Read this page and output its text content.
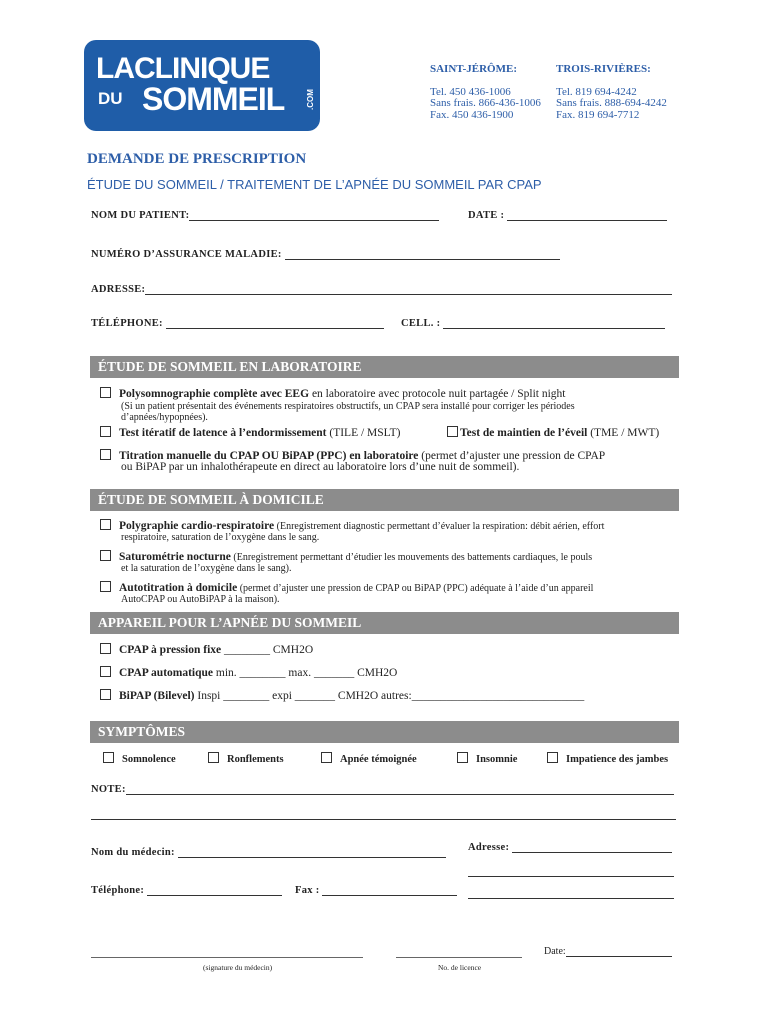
LACLINIQUE
DU SOMMEIL	.COM
SAINT-JÉRÔME:
Tel. 450 436-1006
Sans frais. 866-436-1006
Fax. 450 436-1900
TROIS-RIVIÈRES:
Tel. 819 694-4242
Sans frais. 888-694-4242
Fax. 819 694-7712
DEMANDE DE PRESCRIPTION
ÉTUDE DU SOMMEIL / TRAITEMENT DE L’APNÉE DU SOMMEIL PAR CPAP
NOM DU PATIENT:	DATE :
NUMÉRO D’ASSURANCE MALADIE:
ADRESSE:
TÉLÉPHONE:	CELL. :
ÉTUDE DE SOMMEIL EN LABORATOIRE
Polysomnographie complète avec EEG en laboratoire avec protocole nuit partagée / Split night
(Si un patient présentait des événements respiratoires obstructifs, un CPAP sera installé pour corriger les périodes d’apnées/hypopnées).
Test itératif de latence à l’endormissement (TILE / MSLT)	Test de maintien de l’éveil (TME / MWT)
Titration manuelle du CPAP OU BiPAP (PPC) en laboratoire (permet d’ajuster une pression de CPAP
ou BiPAP par un inhalothérapeute en direct au laboratoire lors d’une nuit de sommeil).
ÉTUDE DE SOMMEIL À DOMICILE
Polygraphie cardio-respiratoire (Enregistrement diagnostic permettant d’évaluer la respiration: débit aérien, effort
respiratoire, saturation de l’oxygène dans le sang.
Saturométrie nocturne (Enregistrement permettant d’étudier les mouvements des battements cardiaques, le pouls
et la saturation de l’oxygène dans le sang).
Autotitration à domicile (permet d’ajuster une pression de CPAP ou BiPAP (PPC) adéquate à l’aide d’un appareil
AutoCPAP ou AutoBiPAP à la maison).
APPAREIL POUR L’APNÉE DU SOMMEIL
CPAP à pression fixe ________ CMH2O
CPAP automatique min. ________ max. _______ CMH2O
BiPAP (Bilevel) Inspi ________ expi _______ CMH2O autres:______________________________
SYMPTÔMES
Somnolence	Ronflements	Apnée témoignée	Insomnie	Impatience des jambes
NOTE:
Nom du médecin:	Adresse:
Téléphone:	Fax :
(signature du médecin)	No. de licence
Date:
